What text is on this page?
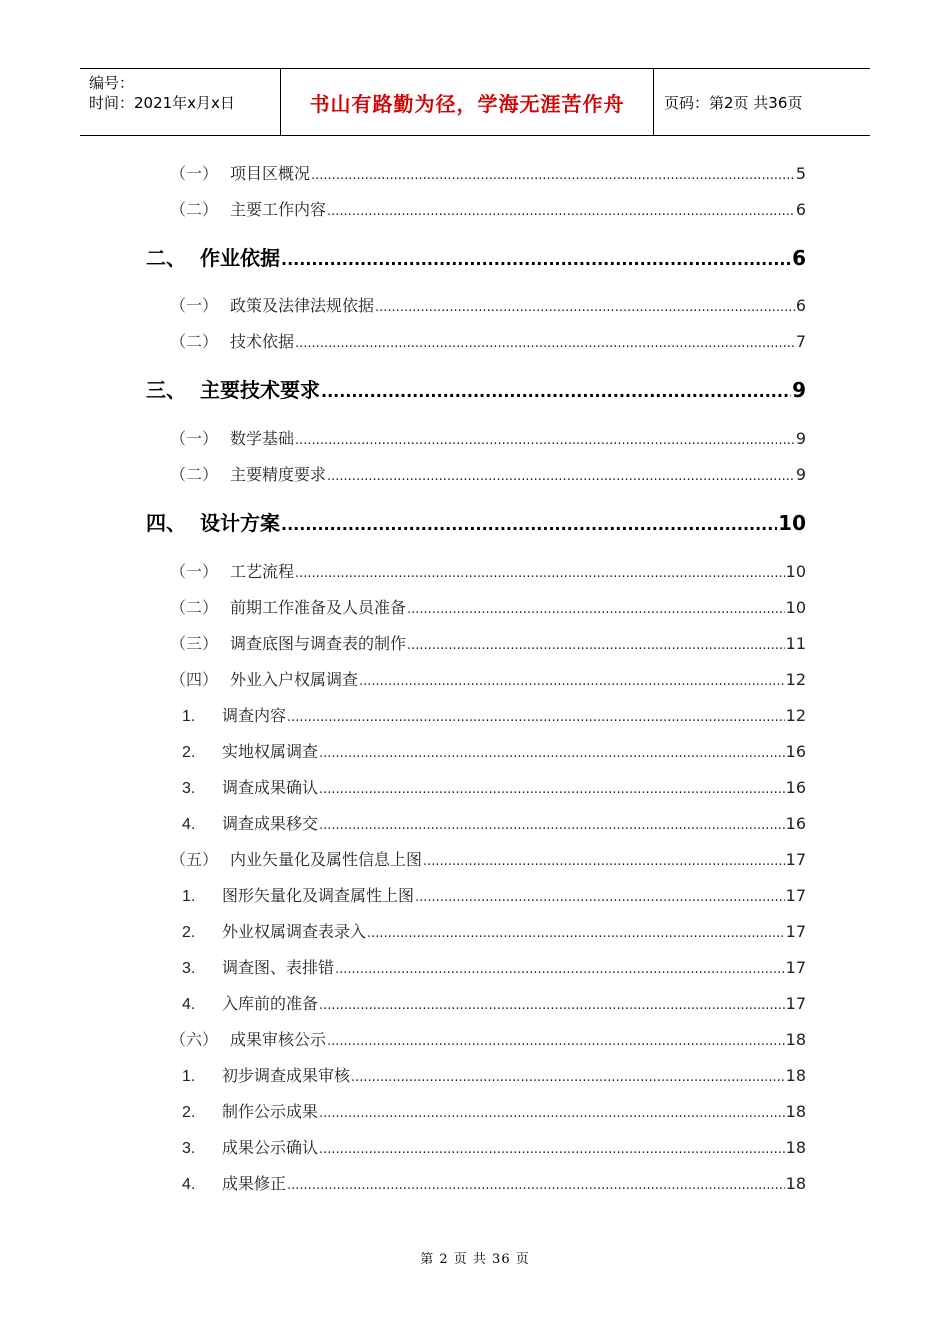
编号：
时间：2021年x月x日	书山有路勤为径，学海无涯苦作舟	页码：第2页 共36页
（一） 项目区概况 .....	5
（二） 主要工作内容 .....	6
二、 作业依据 .....	6
（一） 政策及法律法规依据 .....	6
（二） 技术依据 .....	7
三、 主要技术要求 .....	9
（一） 数学基础 .....	9
（二） 主要精度要求 .....	9
四、 设计方案 .....	10
（一） 工艺流程 .....	10
（二） 前期工作准备及人员准备 .....	10
（三） 调查底图与调查表的制作 .....	11
（四） 外业入户权属调查 .....	12
1.	调查内容 .....	12
2.	实地权属调查 .....	16
3.	调查成果确认 .....	16
4.	调查成果移交 .....	16
（五） 内业矢量化及属性信息上图 .....	17
1.	图形矢量化及调查属性上图 .....	17
2.	外业权属调查表录入 .....	17
3.	调查图、表排错 .....	17
4.	入库前的准备 .....	17
（六） 成果审核公示 .....	18
1.	初步调查成果审核 .....	18
2.	制作公示成果 .....	18
3.	成果公示确认 .....	18
4.	成果修正 .....	18
第 2 页 共 36 页
